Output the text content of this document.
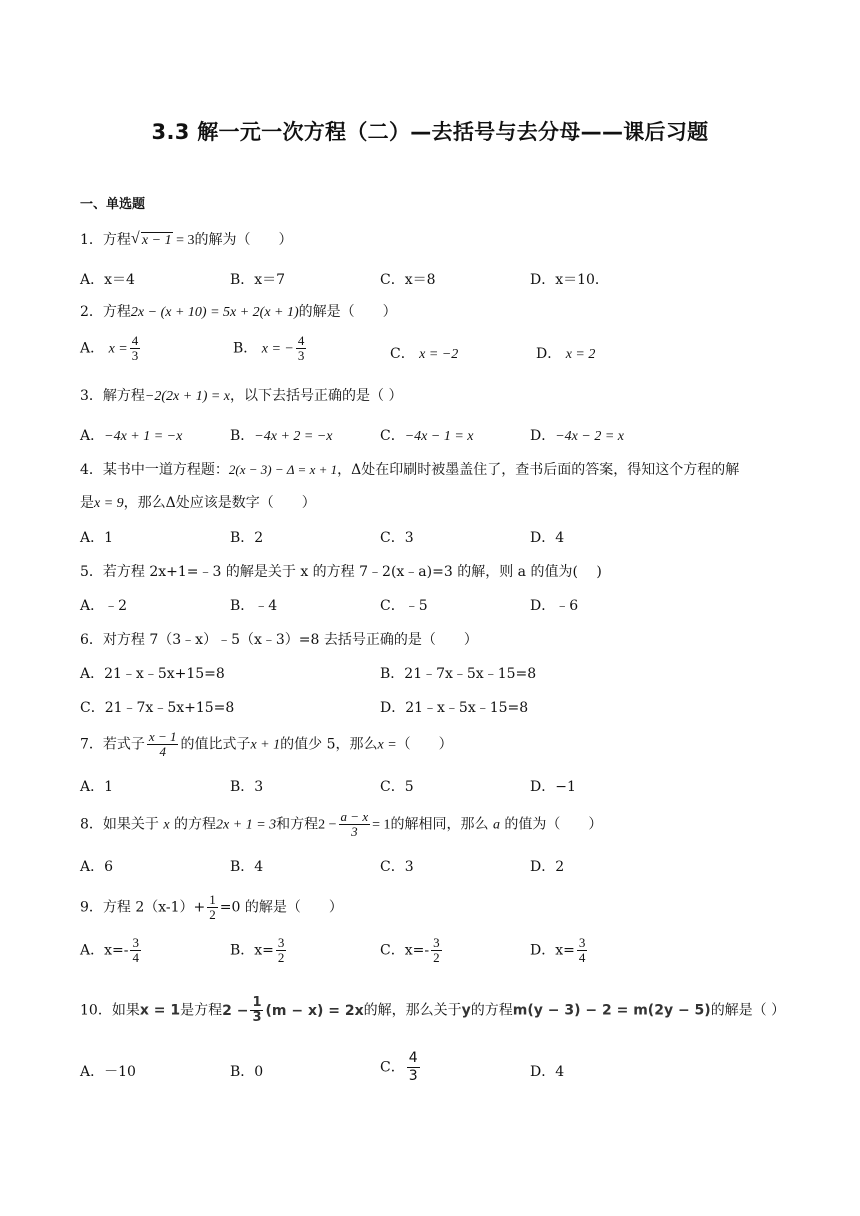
3.3 解一元一次方程（二）—去括号与去分母——课后习题
一、单选题
1．方程√ x − 1 = 3的解为（　　）
A．x＝4	B．x＝7	C．x＝8	D．x＝10．
2．方程2x − (x + 10) = 5x + 2(x + 1)的解是（　　）
A． $x = \frac{4}{3}$	B． x = − $\frac{4}{3}$	C． x = −2	D． x = 2
3．解方程−2(2x + 1) = x，以下去括号正确的是（ ）
A．−4x + 1 = −x	B．−4x + 2 = −x	C．−4x − 1 = x	D．−4x − 2 = x
4．某书中一道方程题：2(x − 3) − Δ = x + 1，Δ处在印刷时被墨盖住了，查书后面的答案，得知这个方程的解
是x = 9，那么Δ处应该是数字（　　）
A．1	B．2	C．3	D．4
5．若方程 2x+1=﹣3 的解是关于 x 的方程 7﹣2(x﹣a)=3 的解，则 a 的值为(　 )
A．﹣2	B．﹣4	C．﹣5	D．﹣6
6．对方程 7（3﹣x）﹣5（x﹣3）=8 去括号正确的是（　　）
A．21﹣x﹣5x+15=8	B．21﹣7x﹣5x﹣15=8
C．21﹣7x﹣5x+15=8	D．21﹣x﹣5x﹣15=8
7．若式子 $\frac{x - 1}{4}$ 的值比式子x + 1的值少 5，那么x =（　　）
A．1	B．3	C．5	D．−1
8．如果关于 x 的方程2x + 1 = 3和方程$2 - \frac{a - x}{3} = 1$的解相同，那么 a 的值为（　　）
A．6	B．4	C．3	D．2
9．方程 $2(x-1)+ \frac{1}{2} =0$ 的解是（　　）
A．$x=- \frac{3}{4}$	B．$x= \frac{3}{2}$	C．$x=- \frac{3}{2}$	D．$x= \frac{3}{4}$
10．如果x = 1是方程$2 - \frac{1}{3} (m - x) = 2x$的解，那么关于y的方程m(y − 3) − 2 = m(2y − 5)的解是（ ）
A．－10	B．0	C． $\frac{4}{3}$	D．4
